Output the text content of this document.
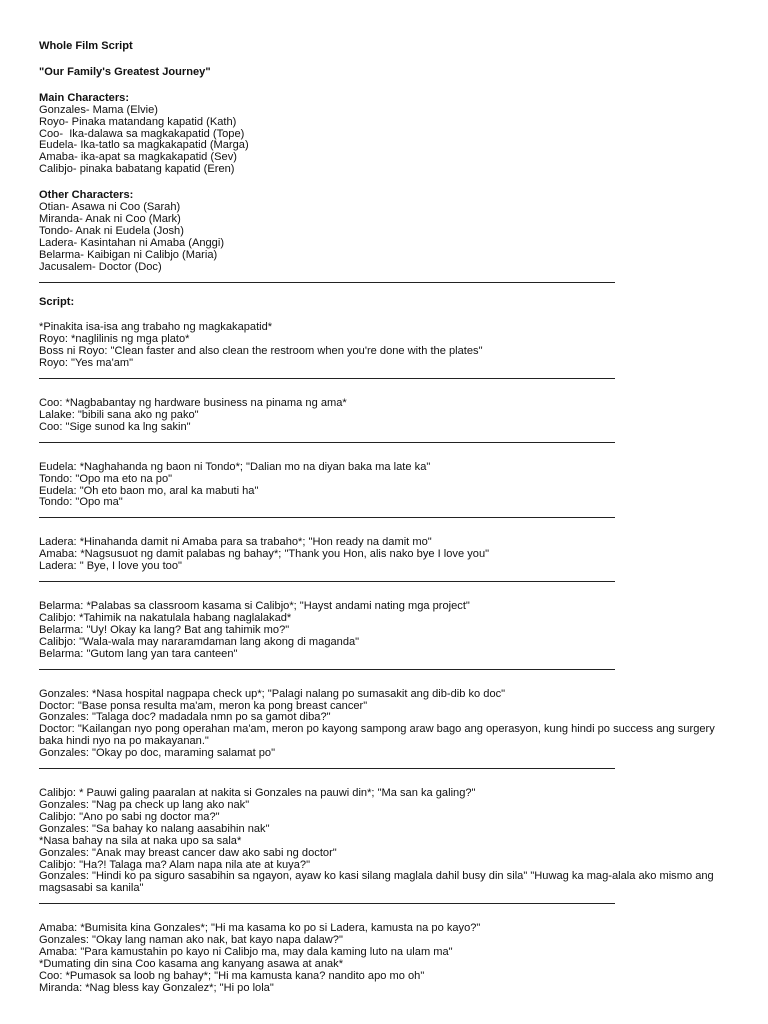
Whole Film Script
"Our Family's Greatest Journey"
Main Characters:
Gonzales- Mama (Elvie)
Royo- Pinaka matandang kapatid (Kath)
Coo-  Ika-dalawa sa magkakapatid (Tope)
Eudela- Ika-tatlo sa magkakapatid (Marga)
Amaba- ika-apat sa magkakapatid (Sev)
Calibjo- pinaka babatang kapatid (Eren)
Other Characters:
Otian- Asawa ni Coo (Sarah)
Miranda- Anak ni Coo (Mark)
Tondo- Anak ni Eudela (Josh)
Ladera- Kasintahan ni Amaba (Anggi)
Belarma- Kaibigan ni Calibjo (Maria)
Jacusalem- Doctor (Doc)
Script:
*Pinakita isa-isa ang trabaho ng magkakapatid*
Royo: *naglilinis ng mga plato*
Boss ni Royo: "Clean faster and also clean the restroom when you're done with the plates"
Royo: "Yes ma'am"
Coo: *Nagbabantay ng hardware business na pinama ng ama*
Lalake: "bibili sana ako ng pako"
Coo: "Sige sunod ka lng sakin"
Eudela: *Naghahanda ng baon ni Tondo*; "Dalian mo na diyan baka ma late ka"
Tondo: "Opo ma eto na po"
Eudela: "Oh eto baon mo, aral ka mabuti ha"
Tondo: "Opo ma"
Ladera: *Hinahanda damit ni Amaba para sa trabaho*; "Hon ready na damit mo"
Amaba: *Nagsusuot ng damit palabas ng bahay*; "Thank you Hon, alis nako bye I love you"
Ladera: " Bye, I love you too"
Belarma: *Palabas sa classroom kasama si Calibjo*; "Hayst andami nating mga project"
Calibjo: *Tahimik na nakatulala habang naglalakad*
Belarma: "Uy! Okay ka lang? Bat ang tahimik mo?"
Calibjo: "Wala-wala may nararamdaman lang akong di maganda"
Belarma: "Gutom lang yan tara canteen"
Gonzales: *Nasa hospital nagpapa check up*; "Palagi nalang po sumasakit ang dib-dib ko doc"
Doctor: "Base ponsa resulta ma'am, meron ka pong breast cancer"
Gonzales: "Talaga doc? madadala nmn po sa gamot diba?"
Doctor: "Kailangan nyo pong operahan ma'am, meron po kayong sampong araw bago ang operasyon, kung hindi po success ang surgery baka hindi nyo na po makayanan."
Gonzales: "Okay po doc, maraming salamat po"
Calibjo: * Pauwi galing paaralan at nakita si Gonzales na pauwi din*; "Ma san ka galing?"
Gonzales: "Nag pa check up lang ako nak"
Calibjo: "Ano po sabi ng doctor ma?"
Gonzales: "Sa bahay ko nalang aasabihin nak"
*Nasa bahay na sila at naka upo sa sala*
Gonzales: "Anak may breast cancer daw ako sabi ng doctor"
Calibjo: "Ha?! Talaga ma? Alam napa nila ate at kuya?"
Gonzales: "Hindi ko pa siguro sasabihin sa ngayon, ayaw ko kasi silang maglala dahil busy din sila" "Huwag ka mag-alala ako mismo ang magsasabi sa kanila"
Amaba: *Bumisita kina Gonzales*; "Hi ma kasama ko po si Ladera, kamusta na po kayo?"
Gonzales: "Okay lang naman ako nak, bat kayo napa dalaw?"
Amaba: "Para kamustahin po kayo ni Calibjo ma, may dala kaming luto na ulam ma"
*Dumating din sina Coo kasama ang kanyang asawa at anak*
Coo: *Pumasok sa loob ng bahay*; "Hi ma kamusta kana? nandito apo mo oh"
Miranda: *Nag bless kay Gonzalez*; "Hi po lola"
